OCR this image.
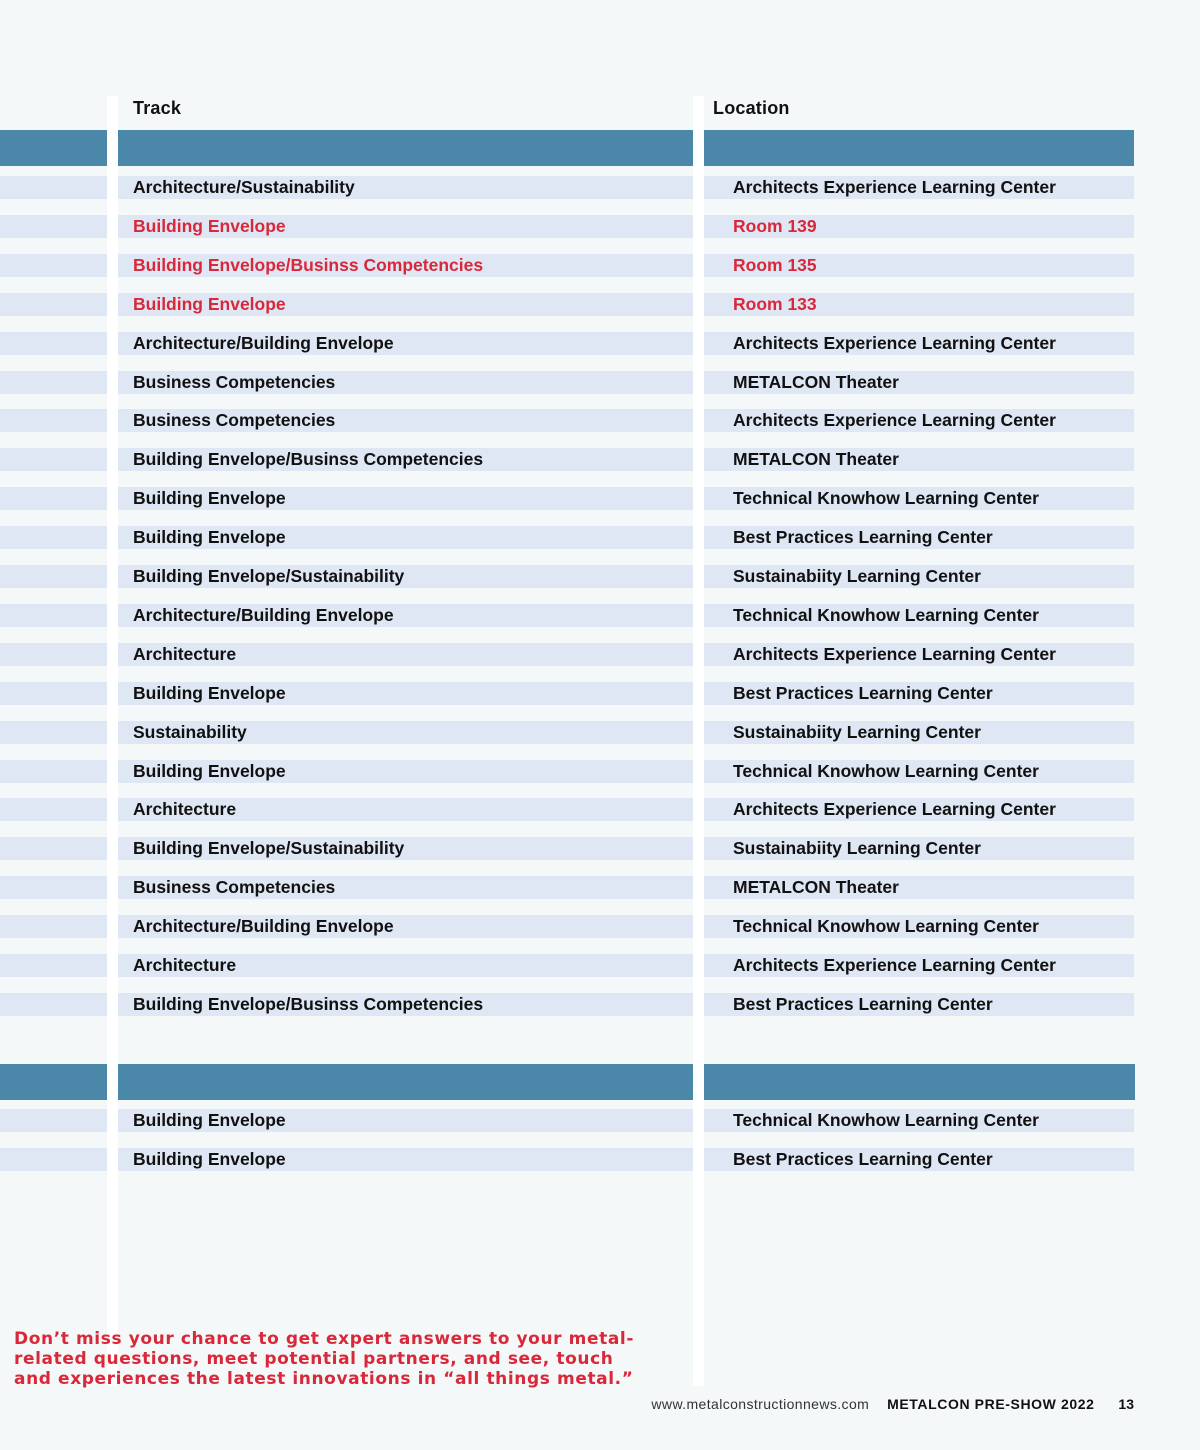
Track	Location
Architecture/Sustainability	Architects Experience Learning Center
Building Envelope	Room 139
Building Envelope/Businss Competencies	Room 135
Building Envelope	Room 133
Architecture/Building Envelope	Architects Experience Learning Center
Business Competencies	METALCON Theater
Business Competencies	Architects Experience Learning Center
Building Envelope/Businss Competencies	METALCON Theater
Building Envelope	Technical Knowhow Learning Center
Building Envelope	Best Practices Learning Center
Building Envelope/Sustainability	Sustainabiity Learning Center
Architecture/Building Envelope	Technical Knowhow Learning Center
Architecture	Architects Experience Learning Center
Building Envelope	Best Practices Learning Center
Sustainability	Sustainabiity Learning Center
Building Envelope	Technical Knowhow Learning Center
Architecture	Architects Experience Learning Center
Building Envelope/Sustainability	Sustainabiity Learning Center
Business Competencies	METALCON Theater
Architecture/Building Envelope	Technical Knowhow Learning Center
Architecture	Architects Experience Learning Center
Building Envelope/Businss Competencies	Best Practices Learning Center
Building Envelope	Technical Knowhow Learning Center
Building Envelope	Best Practices Learning Center
Don’t miss your chance to get expert answers to your metal-
related questions, meet potential partners, and see, touch
and experiences the latest innovations in “all things metal.”
www.metalconstructionnews.com METALCON PRE-SHOW 2022 13
